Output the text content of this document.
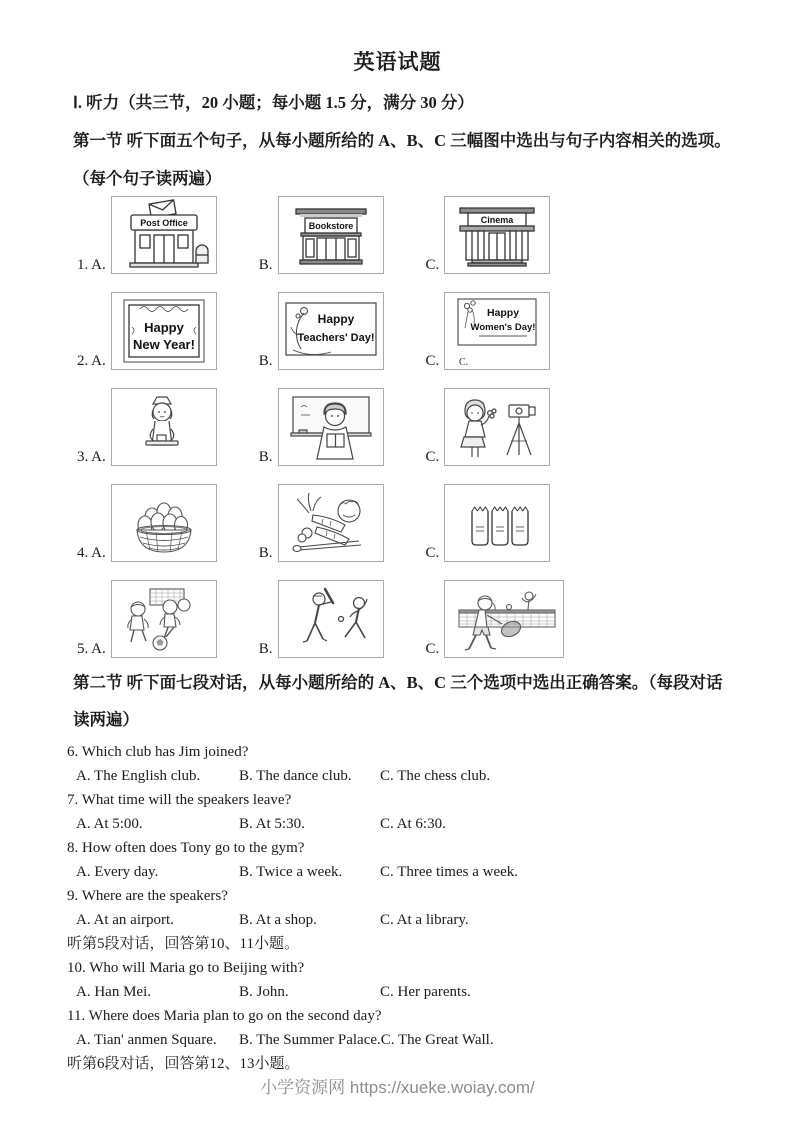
英语试题

Ⅰ. 听力（共三节，20 小题；每小题 1.5 分，满分 30 分）

第一节 听下面五个句子，从每小题所给的 A、B、C 三幅图中选出与句子内容相关的选项。

（每个句子读两遍）

1. A.
Post Office
B.
Bookstore
C.
Cinema
2. A.
Happy
New Year!
B.
Happy
Teachers' Day!
C.
Happy
Women's Day!
C.
3. A.	B.	C.
4. A.	B.	C.
5. A.	B.	C.

第二节 听下面七段对话，从每小题所给的 A、B、C 三个选项中选出正确答案。（每段对话

读两遍）

6. Which club has Jim joined?

A. The English club.	B. The dance club. C. The chess club.

7. What time will the speakers leave?

A. At 5:00.	B. At 5:30.	C. At 6:30.

8. How often does Tony go to the gym?

A. Every day.	B. Twice a week.	C. Three times a week.

9. Where are the speakers?

A. At an airport.	B. At a shop.	C. At a library.

听第5段对话，回答第10、11小题。

10. Who will Maria go to Beijing with?

A. Han Mei.	B. John.	C. Her parents.

11. Where does Maria plan to go on the second day?

A. Tian' anmen Square. B. The Summer Palace.C. The Great Wall.

听第6段对话，回答第12、13小题。

小学资源网 https://xueke.woiay.com/
